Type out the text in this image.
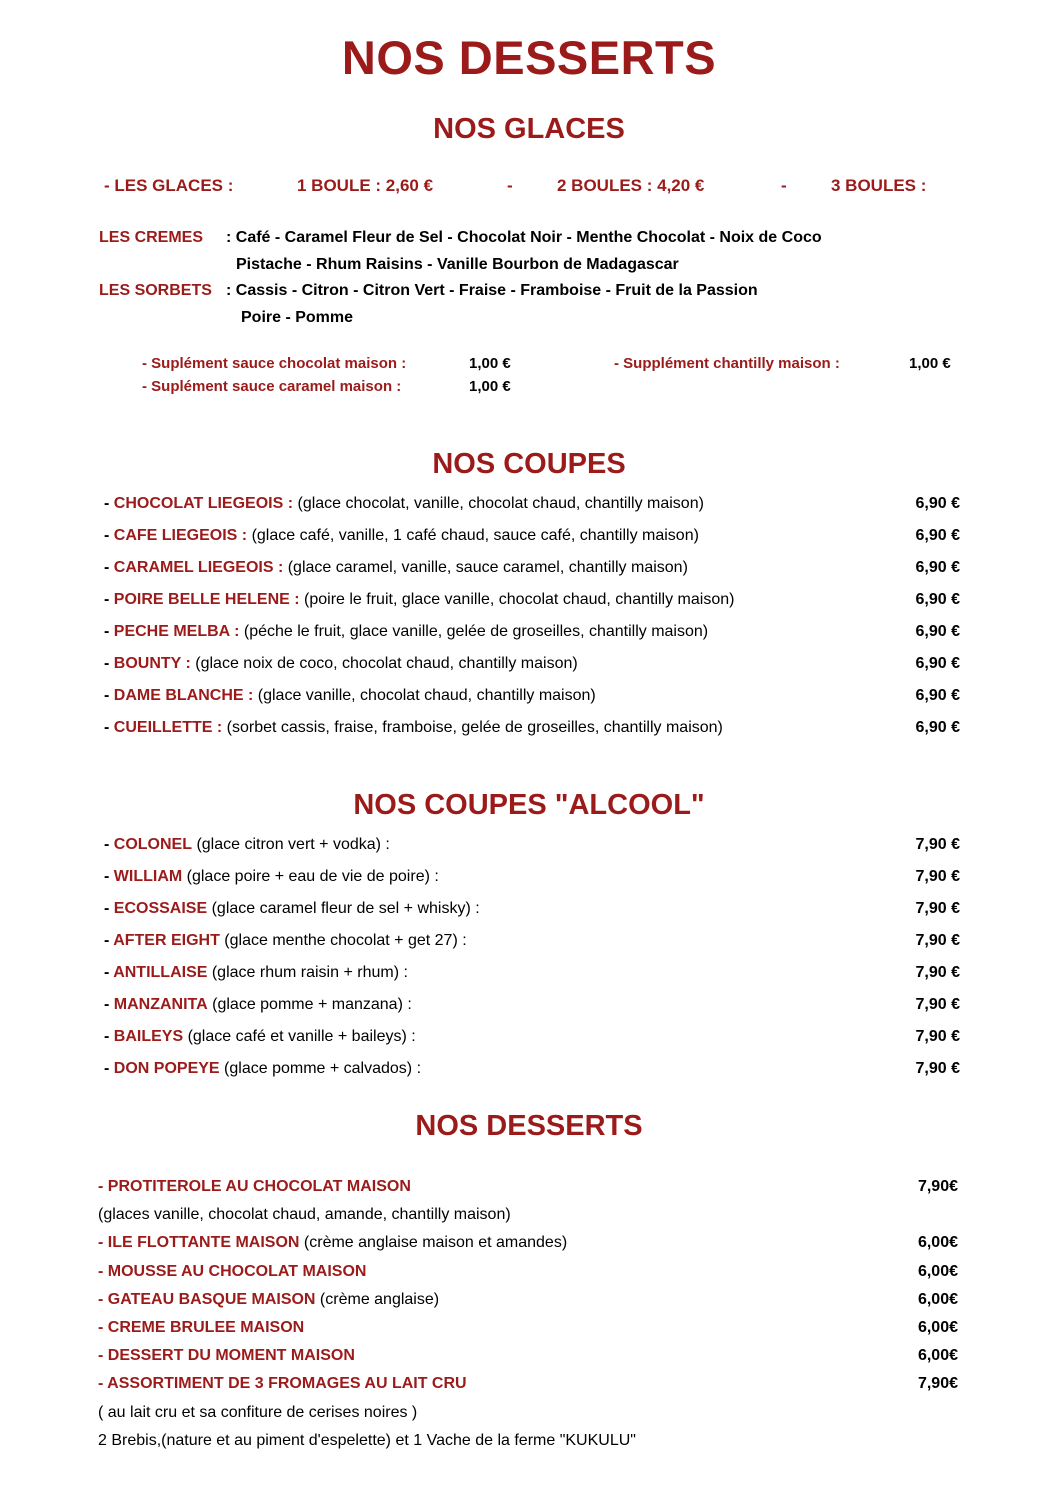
NOS DESSERTS
NOS GLACES
- LES GLACES :	1 BOULE : 2,60 €	-	2 BOULES : 4,20 €	-	3 BOULES :
LES CREMES : Café - Caramel Fleur de Sel - Chocolat Noir - Menthe Chocolat - Noix de Coco
Pistache - Rhum Raisins - Vanille Bourbon de Madagascar
LES SORBETS : Cassis - Citron - Citron Vert - Fraise - Framboise - Fruit de la Passion
Poire - Pomme
- Suplément sauce chocolat maison :	1,00 €
- Suplément sauce caramel maison :	1,00 €
- Supplément chantilly maison :	1,00 €
NOS COUPES
- CHOCOLAT LIEGEOIS : (glace chocolat, vanille, chocolat chaud, chantilly maison)	6,90 €
- CAFE LIEGEOIS : (glace café, vanille, 1 café chaud, sauce café, chantilly maison)	6,90 €
- CARAMEL LIEGEOIS : (glace caramel, vanille, sauce caramel, chantilly maison)	6,90 €
- POIRE BELLE HELENE : (poire le fruit, glace vanille, chocolat chaud, chantilly maison)	6,90 €
- PECHE MELBA : (péche le fruit, glace vanille, gelée de groseilles, chantilly maison)	6,90 €
- BOUNTY : (glace noix de coco, chocolat chaud, chantilly maison)	6,90 €
- DAME BLANCHE : (glace vanille, chocolat chaud, chantilly maison)	6,90 €
- CUEILLETTE : (sorbet cassis, fraise, framboise, gelée de groseilles, chantilly maison)	6,90 €
NOS COUPES "ALCOOL"
- COLONEL (glace citron vert + vodka) :	7,90 €
- WILLIAM (glace poire + eau de vie de poire) :	7,90 €
- ECOSSAISE (glace caramel fleur de sel + whisky) :	7,90 €
- AFTER EIGHT (glace menthe chocolat + get 27) :	7,90 €
- ANTILLAISE (glace rhum raisin + rhum) :	7,90 €
- MANZANITA (glace pomme + manzana) :	7,90 €
- BAILEYS (glace café et vanille + baileys) :	7,90 €
- DON POPEYE (glace pomme + calvados) :	7,90 €
NOS DESSERTS
- PROTITEROLE AU CHOCOLAT MAISON	7,90€
(glaces vanille, chocolat chaud, amande, chantilly maison)
- ILE FLOTTANTE MAISON (crème anglaise maison et amandes)	6,00€
- MOUSSE AU CHOCOLAT MAISON	6,00€
- GATEAU BASQUE MAISON (crème anglaise)	6,00€
- CREME BRULEE MAISON	6,00€
- DESSERT DU MOMENT MAISON	6,00€
- ASSORTIMENT DE 3 FROMAGES AU LAIT CRU	7,90€
( au lait cru et sa confiture de cerises noires )
2 Brebis,(nature et au piment d'espelette) et 1 Vache de la ferme "KUKULU"
